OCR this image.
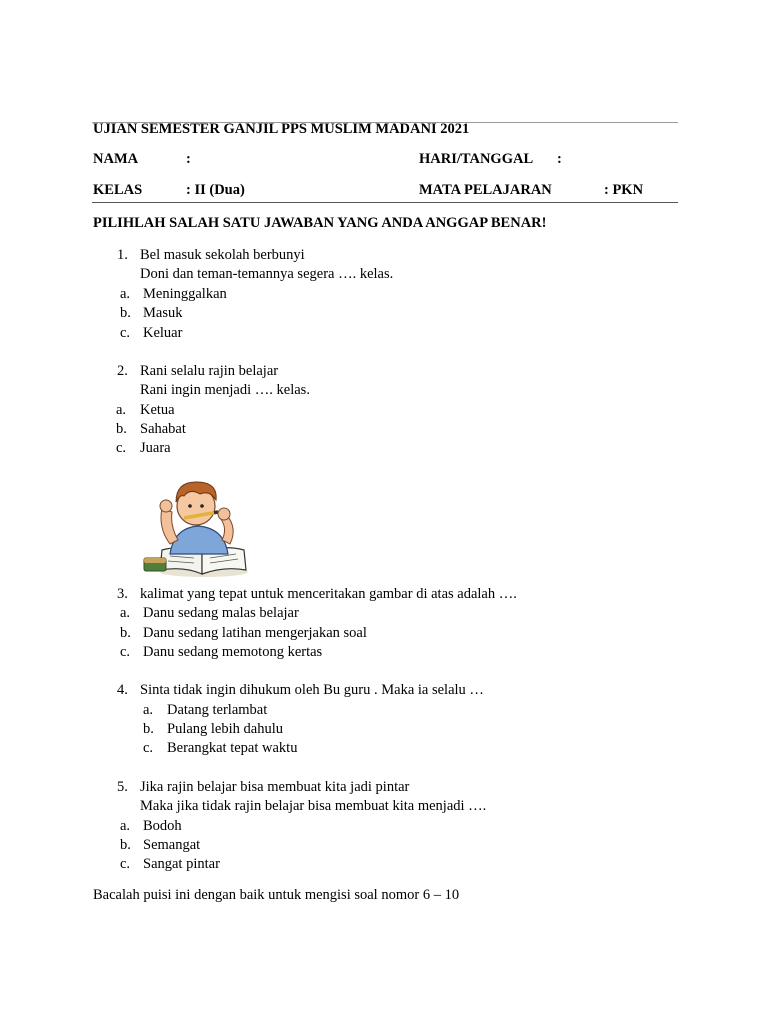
UJIAN SEMESTER GANJIL PPS MUSLIM MADANI 2021
NAMA	:	HARI/TANGGAL :
KELAS	: II (Dua)	MATA PELAJARAN	: PKN
PILIHLAH SALAH SATU JAWABAN YANG ANDA ANGGAP BENAR!
1. Bel masuk sekolah berbunyi
Doni dan teman-temannya segera …. kelas.
a. Meninggalkan
b. Masuk
c. Keluar
2. Rani selalu rajin belajar
Rani ingin menjadi …. kelas.
a. Ketua
b. Sahabat
c. Juara
3. kalimat yang tepat untuk menceritakan gambar di atas adalah ….
a. Danu sedang malas belajar
b. Danu sedang latihan mengerjakan soal
c. Danu sedang memotong kertas
4. Sinta tidak ingin dihukum oleh Bu guru . Maka ia selalu …
a. Datang terlambat
b. Pulang lebih dahulu
c. Berangkat tepat waktu
5. Jika rajin belajar bisa membuat kita jadi pintar
Maka jika tidak rajin belajar bisa membuat kita menjadi ….
a. Bodoh
b. Semangat
c. Sangat pintar
Bacalah puisi ini dengan baik untuk mengisi soal nomor 6 – 10
